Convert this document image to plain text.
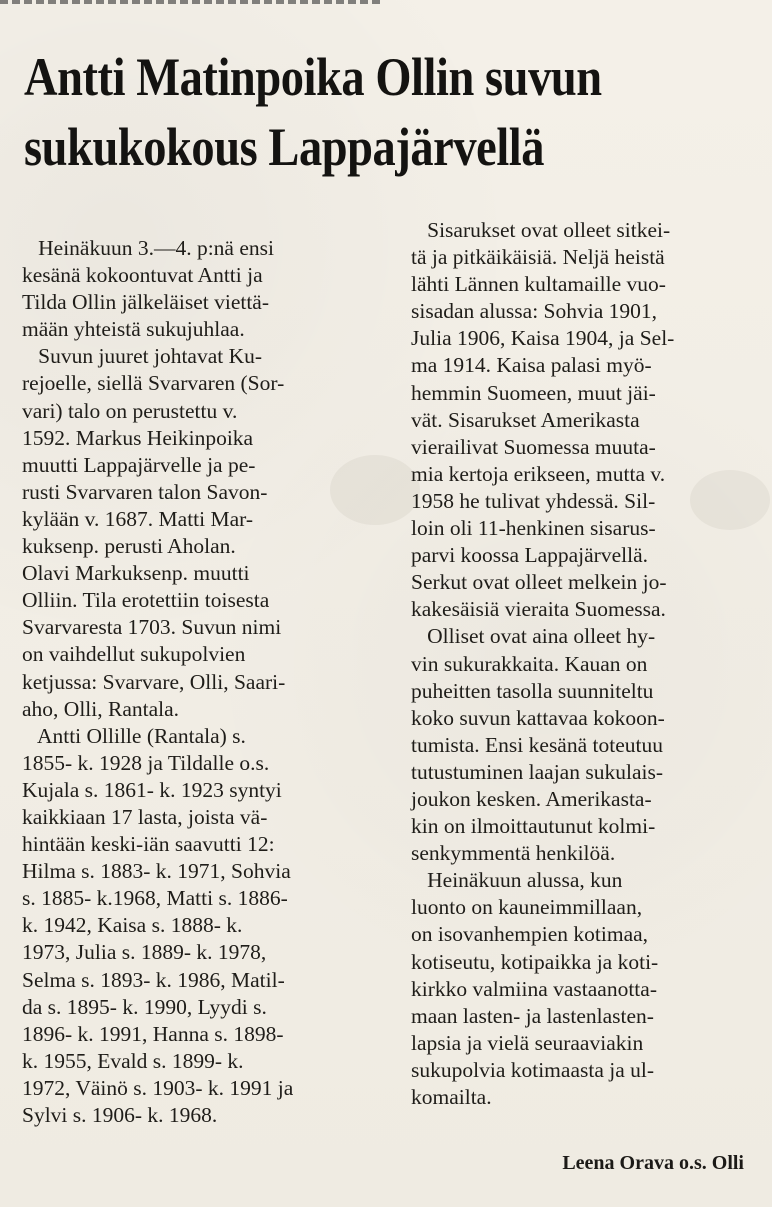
Antti Matinpoika Ollin suvun
sukukokous Lappajärvellä
Heinäkuun 3.—4. p:nä ensi
kesänä kokoontuvat Antti ja
Tilda Ollin jälkeläiset viettä-
mään yhteistä sukujuhlaa.
Suvun juuret johtavat Ku-
rejoelle, siellä Svarvaren (Sor-
vari) talo on perustettu v.
1592. Markus Heikinpoika
muutti Lappajärvelle ja pe-
rusti Svarvaren talon Savon-
kylään v. 1687. Matti Mar-
kuksenp. perusti Aholan.
Olavi Markuksenp. muutti
Olliin. Tila erotettiin toisesta
Svarvaresta 1703. Suvun nimi
on vaihdellut sukupolvien
ketjussa: Svarvare, Olli, Saari-
aho, Olli, Rantala.
Antti Ollille (Rantala) s.
1855- k. 1928 ja Tildalle o.s.
Kujala s. 1861- k. 1923 syntyi
kaikkiaan 17 lasta, joista vä-
hintään keski-iän saavutti 12:
Hilma s. 1883- k. 1971, Sohvia
s. 1885- k.1968, Matti s. 1886-
k. 1942, Kaisa s. 1888- k.
1973, Julia s. 1889- k. 1978,
Selma s. 1893- k. 1986, Matil-
da s. 1895- k. 1990, Lyydi s.
1896- k. 1991, Hanna s. 1898-
k. 1955, Evald s. 1899- k.
1972, Väinö s. 1903- k. 1991 ja
Sylvi s. 1906- k. 1968.
Sisarukset ovat olleet sitkei-
tä ja pitkäikäisiä. Neljä heistä
lähti Lännen kultamaille vuo-
sisadan alussa: Sohvia 1901,
Julia 1906, Kaisa 1904, ja Sel-
ma 1914. Kaisa palasi myö-
hemmin Suomeen, muut jäi-
vät. Sisarukset Amerikasta
vierailivat Suomessa muuta-
mia kertoja erikseen, mutta v.
1958 he tulivat yhdessä. Sil-
loin oli 11-henkinen sisarus-
parvi koossa Lappajärvellä.
Serkut ovat olleet melkein jo-
kakesäisiä vieraita Suomessa.
Olliset ovat aina olleet hy-
vin sukurakkaita. Kauan on
puheitten tasolla suunniteltu
koko suvun kattavaa kokoon-
tumista. Ensi kesänä toteutuu
tutustuminen laajan sukulais-
joukon kesken. Amerikasta-
kin on ilmoittautunut kolmi-
senkymmentä henkilöä.
Heinäkuun alussa, kun
luonto on kauneimmillaan,
on isovanhempien kotimaa,
kotiseutu, kotipaikka ja koti-
kirkko valmiina vastaanotta-
maan lasten- ja lastenlasten-
lapsia ja vielä seuraaviakin
sukupolvia kotimaasta ja ul-
komailta.
Leena Orava o.s. Olli
